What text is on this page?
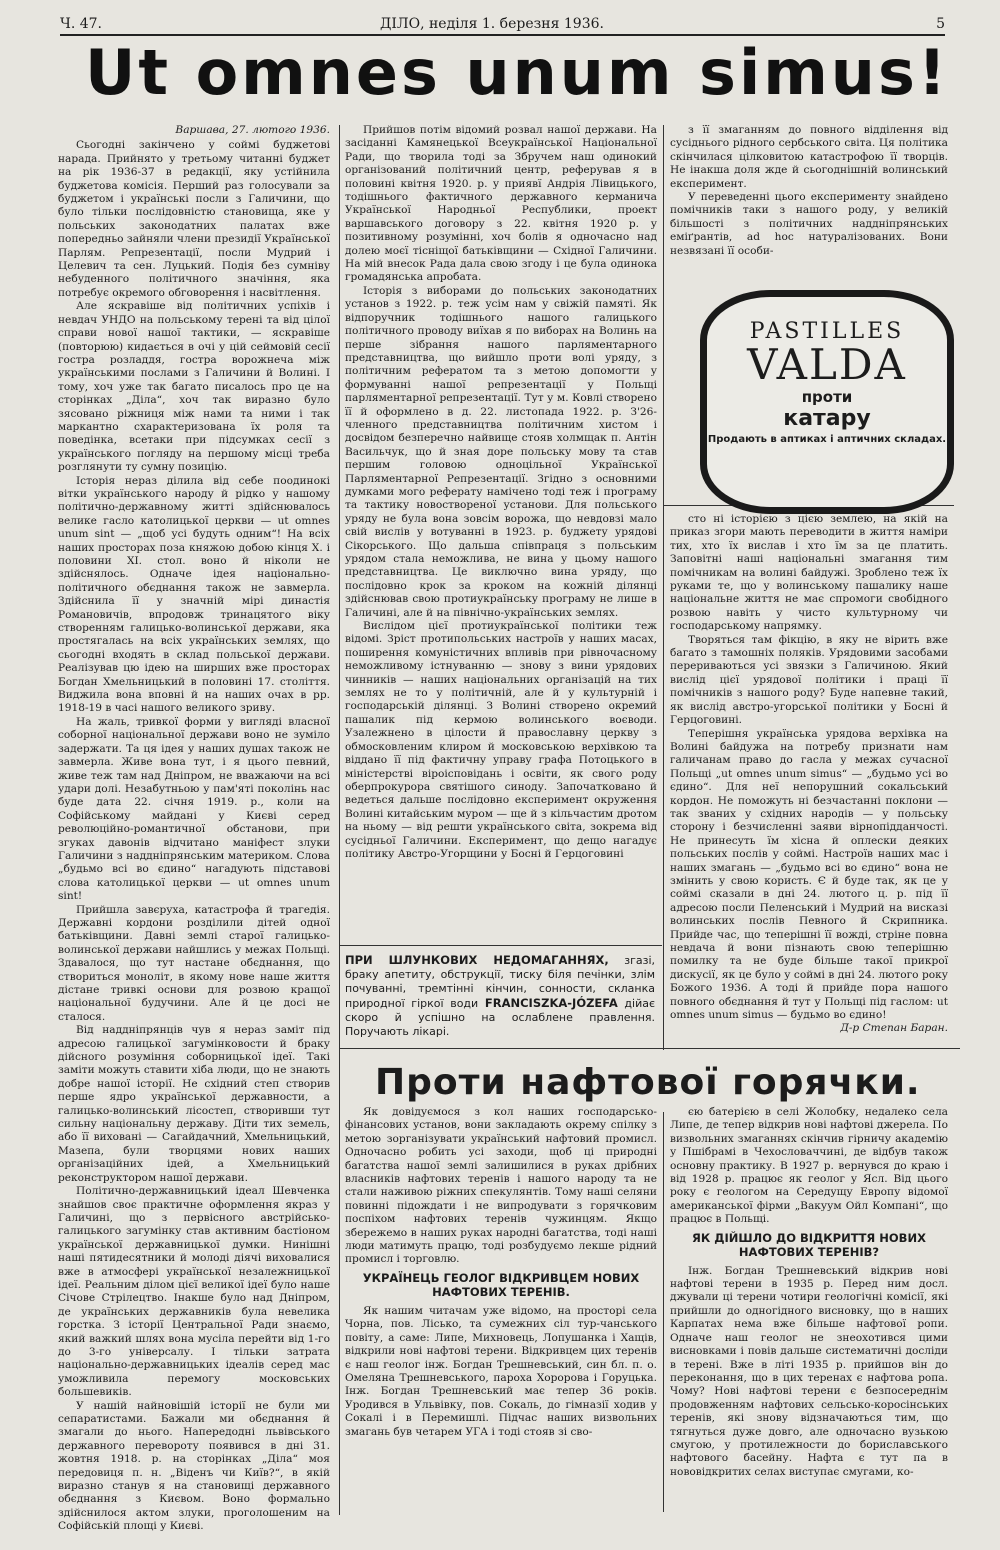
Ч. 47.	ДІЛО, неділя 1. березня 1936.	5
Ut omnes unum simus!

Варшава, 27. лютого 1936.

Сьогодні закінчено у соймі буджетові нарада. Прийнято у третьому читанні буджет на рік 1936-37 в редакції, яку устійнила буджетова комісія. Перший раз голосували за буджетом і українські посли з Галичини, що було тільки послідовністю становища, яке у польських законодатних палатах вже попередньо зайняли члени президії Української Парлям. Репрезентації, посли Мудрий і Целевич та сен. Луцький. Подія без сумніву небуденного політичного значіння, яка потребує окремого обговорення і насвітлення.

Але яскравіше від політичних успіхів і невдач УНДО на польському терені та від цілої справи нової нашої тактики, — яскравіше (повторюю) кидається в очі у цій сеймовій сесії гостра розладдя, гостра ворожнеча між українськими послами з Галичини й Волині. І тому, хоч уже так багато писалось про це на сторінках „Діла“, хоч так виразно було зясовано ріжниця між нами та ними і так маркантно схарактеризована їх роля та поведінка, всетаки при підсумках сесії з українського погляду на першому місці треба розглянути ту сумну позицію.

Історія нераз ділила від себе поодинокі вітки українського народу й рідко у нашому політично-державному житті здійснювалось велике гасло католицької церкви — ut omnes unum sint — „щоб усі будуть одним“! На всіх наших просторах поза княжою добою кінця X. і половини XI. стол. воно й ніколи не здійснялось. Одначе ідея національно-політичного обєднання також не завмерла. Здійснила її у значній мірі династія Романовичів, впродовж тринацятого віку створенням галицько-волинської держави, яка простягалась на всіх українських землях, що сьогодні входять в склад польської держави. Реалізував цю ідею на ширших вже просторах Богдан Хмельницький в половині 17. століття. Виджила вона вповні й на наших очах в рр. 1918-19 в часі нашого великого зриву.

На жаль, тривкої форми у вигляді власної соборної національної держави воно не зуміло задержати. Та ця ідея у наших душах також не завмерла. Живе вона тут, і я цього певний, живе теж там над Дніпром, не вважаючи на всі удари долі. Незабутньою у пам'яті поколінь нас буде дата 22. січня 1919. р., коли на Софійському майдані у Києві серед революційно-романтичної обстанови, при згуках давонів відчитано маніфест злуки Галичини з наддніпрянським материком. Слова „будьмо всі во єдино“ нагадують підставові слова католицької церкви — ut omnes unum sint!

Прийшла завєруха, катастрофа й трагедія. Державні кордони розділили дітей одної батьківщини. Давні землі старої галицько-волинської держави найшлись у межах Польщі. Здавалося, що тут настане обєднання, що створиться моноліт, в якому нове наше життя дістане тривкі основи для розвою кращої національної будучини. Але й це досі не сталося.

Від наддніпрянців чув я нераз заміт під адресою галицької загумінковости й браку дійсного розуміння соборницької ідеї. Такі заміти можуть ставити хіба люди, що не знають добре нашої історії. Не східний степ створив перше ядро української державности, а галицько-волинський лісостеп, створивши тут сильну національну державу. Діти тих земель, або її виховані — Сагайдачний, Хмельницький, Мазепа, були творцями нових наших організаційних ідей, а Хмельницький реконструктором нашої держави.

Політично-державницький ідеал Шевченка знайшов своє практичне оформлення якраз у Галичині, що з первісного австрійсько-галицького загумінку став активним бастіоном української державницької думки. Нинішні наші пятидесятники й молоді діячі виховалися вже в атмосфері української незалежницької ідеї. Реальним ділом цієї великої ідеї було наше Січове Стрілецтво. Інакше було над Дніпром, де українських державників була невелика горстка. З історії Центральної Ради знаємо, який важкий шлях вона мусіла перейти від 1-го до 3-го універсалу. І тільки затрата національно-державницьких ідеалів серед мас уможливила перемогу московських большевиків.

У нашій найновішій історії не були ми сепаратистами. Бажали ми обєднання й змагали до нього. Напередодні львівського державного перевороту появився в дні 31. жовтня 1918. р. на сторінках „Діла“ моя передовиця п. н. „Віденъ чи Київ?“, в якій виразно станув я на становищі державного обєднання з Києвом. Воно формально здійснилося актом злуки, проголошеним на Софійській площі у Києві.

Прийшов потім відомий розвал нашої держави. На засіданні Камянецької Всеукраїнської Національної Ради, що творила тоді за Збручем наш одинокий організований політичний центр, реферував я в половині квітня 1920. р. у приявї Андрія Лівицького, тодішнього фактичного державного керманича Української Народньої Республики, проект варшавського договору з 22. квітня 1920 р. у позитивному розумінні, хоч болів я одночасно над долею моєї тісніщої батьківщини — Східної Галичини. На мій внесок Рада дала свою згоду і це була одинока громадянська апробата.

Історія з виборами до польських законодатних установ з 1922. р. теж усім нам у свіжій памяті. Як відпоручник тодішнього нашого галицького політичного проводу виїхав я по виборах на Волинь на перше зібрання нашого парляментарного представництва, що вийшло проти волі уряду, з політичним рефератом та з метою допомогти у формуванні нашої репрезентації у Польщі парляментарної репрезентації. Тут у м. Ковлі створено її й оформлено в д. 22. листопада 1922. р. З'26-членного представництва політичним хистом і досвідом безперечно найвище стояв холмщак п. Антін Васильчук, що й зная доре польську мову та став першим головою одноцільної Української Парляментарної Репрезентації. Згідно з основними думками мого реферату намічено тоді теж і програму та тактику новоствореної установи. Для польського уряду не була вона зовсім ворожа, що невдовзі мало свій вислів у вотуванні в 1923. р. буджету урядові Сікорського. Що дальша співпраця з польським урядом стала неможлива, не вина у цьому нашого представництва. Це виключно вина уряду, що послідовно крок за кроком на кожній ділянці здійснював свою протиукраїнську програму не лише в Галичині, але й на північно-українських землях.

Вислідом цієї протиукраїнської політики теж відомі. Зріст протипольських настроїв у наших масах, поширення комуністичних впливів при рівночасному неможливому істнуванню — знову з вини урядових чинників — наших національних організацій на тих землях не то у політичній, але й у культурній і господарській ділянці. З Волині створено окремий пашалик під кермою волинського воєводи. Узалежнено в цілости й православну церкву з обмосковленим клиром й московською верхівкою та віддано її під фактичну управу графа Потоцького в міністерстві віроісповідань і освіти, як свого роду оберпрокурора святішого синоду. Започатковано й ведеться дальше послідовно експеримент окруження Волині китайським муром — ще й з кільчастим дротом на ньому — від решти українського світа, зокрема від сусідньої Галичини. Експеримент, що дещо нагадує політику Австро-Угорщини у Босні й Герцоговині

з її змаганням до повного відділення від сусіднього рідного сербського світа. Ця політика скінчилася цілковитою катастрофою її творців. Не інакша доля жде й сьогоднішній волинський експеримент.

У переведенні цього експерименту знайдено помічників таки з нашого роду, у великій більшості з політичних наддніпрянських еміґрантів, ad hoc натуралізованих. Вони незвязані її особи-

PASTILLES
VALDA
проти
катару
Продають в аптиках і аптичних складах.

сто ні історією з цією землею, на якій на приказ згори мають переводити в життя наміри тих, хто їх вислав і хто їм за це платить. Заповітні наші національні змагання тим помічникам на волині байдужі. Зроблено теж їх руками те, що у волинському пашалику наше національне життя не має спромоги свобідного розвою навіть у чисто культурному чи господарському напрямку.

Творяться там фікцію, в яку не вірить вже багато з тамошніх поляків. Урядовими засобами перериваються усі звязки з Галичиною. Який вислід цієї урядової політики і праці її помічників з нашого роду? Буде напевне такий, як вислід австро-угорської політики у Босні й Герцоговині.

Теперішня українська урядова верхівка на Волині байдужа на потребу признати нам галичанам право до гасла у межах сучасної Польщі „ut omnes unum simus“ — „будьмо усі во єдино“. Для неї непорушний сокальський кордон. Не поможуть ні безчастанні поклони — так званих у східних народів — у польську сторону і безчисленні заяви вірнопідданчості. Не принесуть їм хісна й оплески деяких польських послів у соймі. Настроїв наших мас і наших змагань — „будьмо всі во єдино“ вона не змінить у свою користь. Є й буде так, як це у соймі сказали в дні 24. лютого ц. р. під її адресою посли Пеленський і Мудрий на висказі волинських послів Певного й Скрипника. Прийде час, що теперішні її вожді, стріне повна невдача й вони пізнають свою теперішню помилку та не буде більше такої прикрої дискусії, як це було у соймі в дні 24. лютого року Божого 1936. А тоді й прийде пора нашого повного обєднання й тут у Польщі під гаслом: ut omnes unum simus — будьмо во єдино!

Д-р Степан Баран.

ПРИ ШЛУНКОВИХ НЕДОМАГАННЯХ, згазі, браку апетиту, обструкції, тиску біля печінки, злім почуванні, тремтінні кінчин, сонности, скланка природної гіркої води FRANCISZKA-JÓZEFA дійає скоро й успішно на ослаблене правлення. Поручають лікарі.
Проти нафтової горячки.

Як довідуємося з кол наших господарсько-фінансових установ, вони закладають окрему спілку з метою зорганізувати український нафтовий промисл. Одночасно робить усі заходи, щоб ці природні багатства нашої землі залишилися в руках дрібних власників нафтових теренів і нашого народу та не стали наживою ріжних спекулянтів. Тому наші селяни повинні підождати і не випродувати з горячковим поспіхом нафтових теренів чужинцям. Якщо збережемо в наших руках народні багатства, тоді наші люди матимуть працю, тоді розбудуємо лекше рідний промисл і торговлю.

УКРАЇНЕЦЬ ГЕОЛОГ ВІДКРИВЦЕМ НОВИХ НАФТОВИХ ТЕРЕНІВ.

Як нашим читачам уже відомо, на просторі села Чорна, пов. Лісько, та сумежних сіл тур-чанського повіту, а саме: Липе, Михновець, Лопушанка і Хащів, відкрили нові нафтові терени. Відкривцем цих теренів є наш геолог інж. Богдан Трешневський, син бл. п. о. Омеляна Трешневського, пароха Хоророва і Горуцька. Інж. Богдан Трешневський має тепер 36 років. Уродився в Ульвівку, пов. Сокаль, до гімназії ходив у Сокалі і в Перемишлі. Підчас наших визвольних змагань був четарем УГА і тоді стояв зі сво-

єю батерією в селі Жолобку, недалеко села Липе, де тепер відкрив нові нафтові джерела. По визвольних змаганнях скінчив гірничу академію у Пшібрамі в Чехословаччині, де відбув також основну практику. В 1927 р. вернувся до краю і від 1928 р. працює як геолог у Ясл. Від цього року є геологом на Середущу Европу відомої американської фірми „Вакуум Ойл Компані“, що працює в Польщі.

ЯК ДІЙШЛО ДО ВІДКРИТТЯ НОВИХ НАФТОВИХ ТЕРЕНІВ?

Інж. Богдан Трешневський відкрив нові нафтові терени в 1935 р. Перед ним досл. джували ці терени чотири геологічні комісії, які прийшли до одногідного висновку, що в наших Карпатах нема вже більше нафтової ропи. Одначе наш геолог не знеохотився цими висновками і повів дальше систематичні досліди в терені. Вже в літі 1935 р. прийшов він до переконання, що в цих теренах є нафтова ропа. Чому? Нові нафтові терени є безпосереднім продовженням нафтових сельсько-коросінських теренів, які знову відзначаються тим, що тягнуться дуже довго, але одночасно вузькою смугою, у протилежности до бориславського нафтового басейну. Нафта є тут па в нововідкритих селах виступає смугами, ко-
